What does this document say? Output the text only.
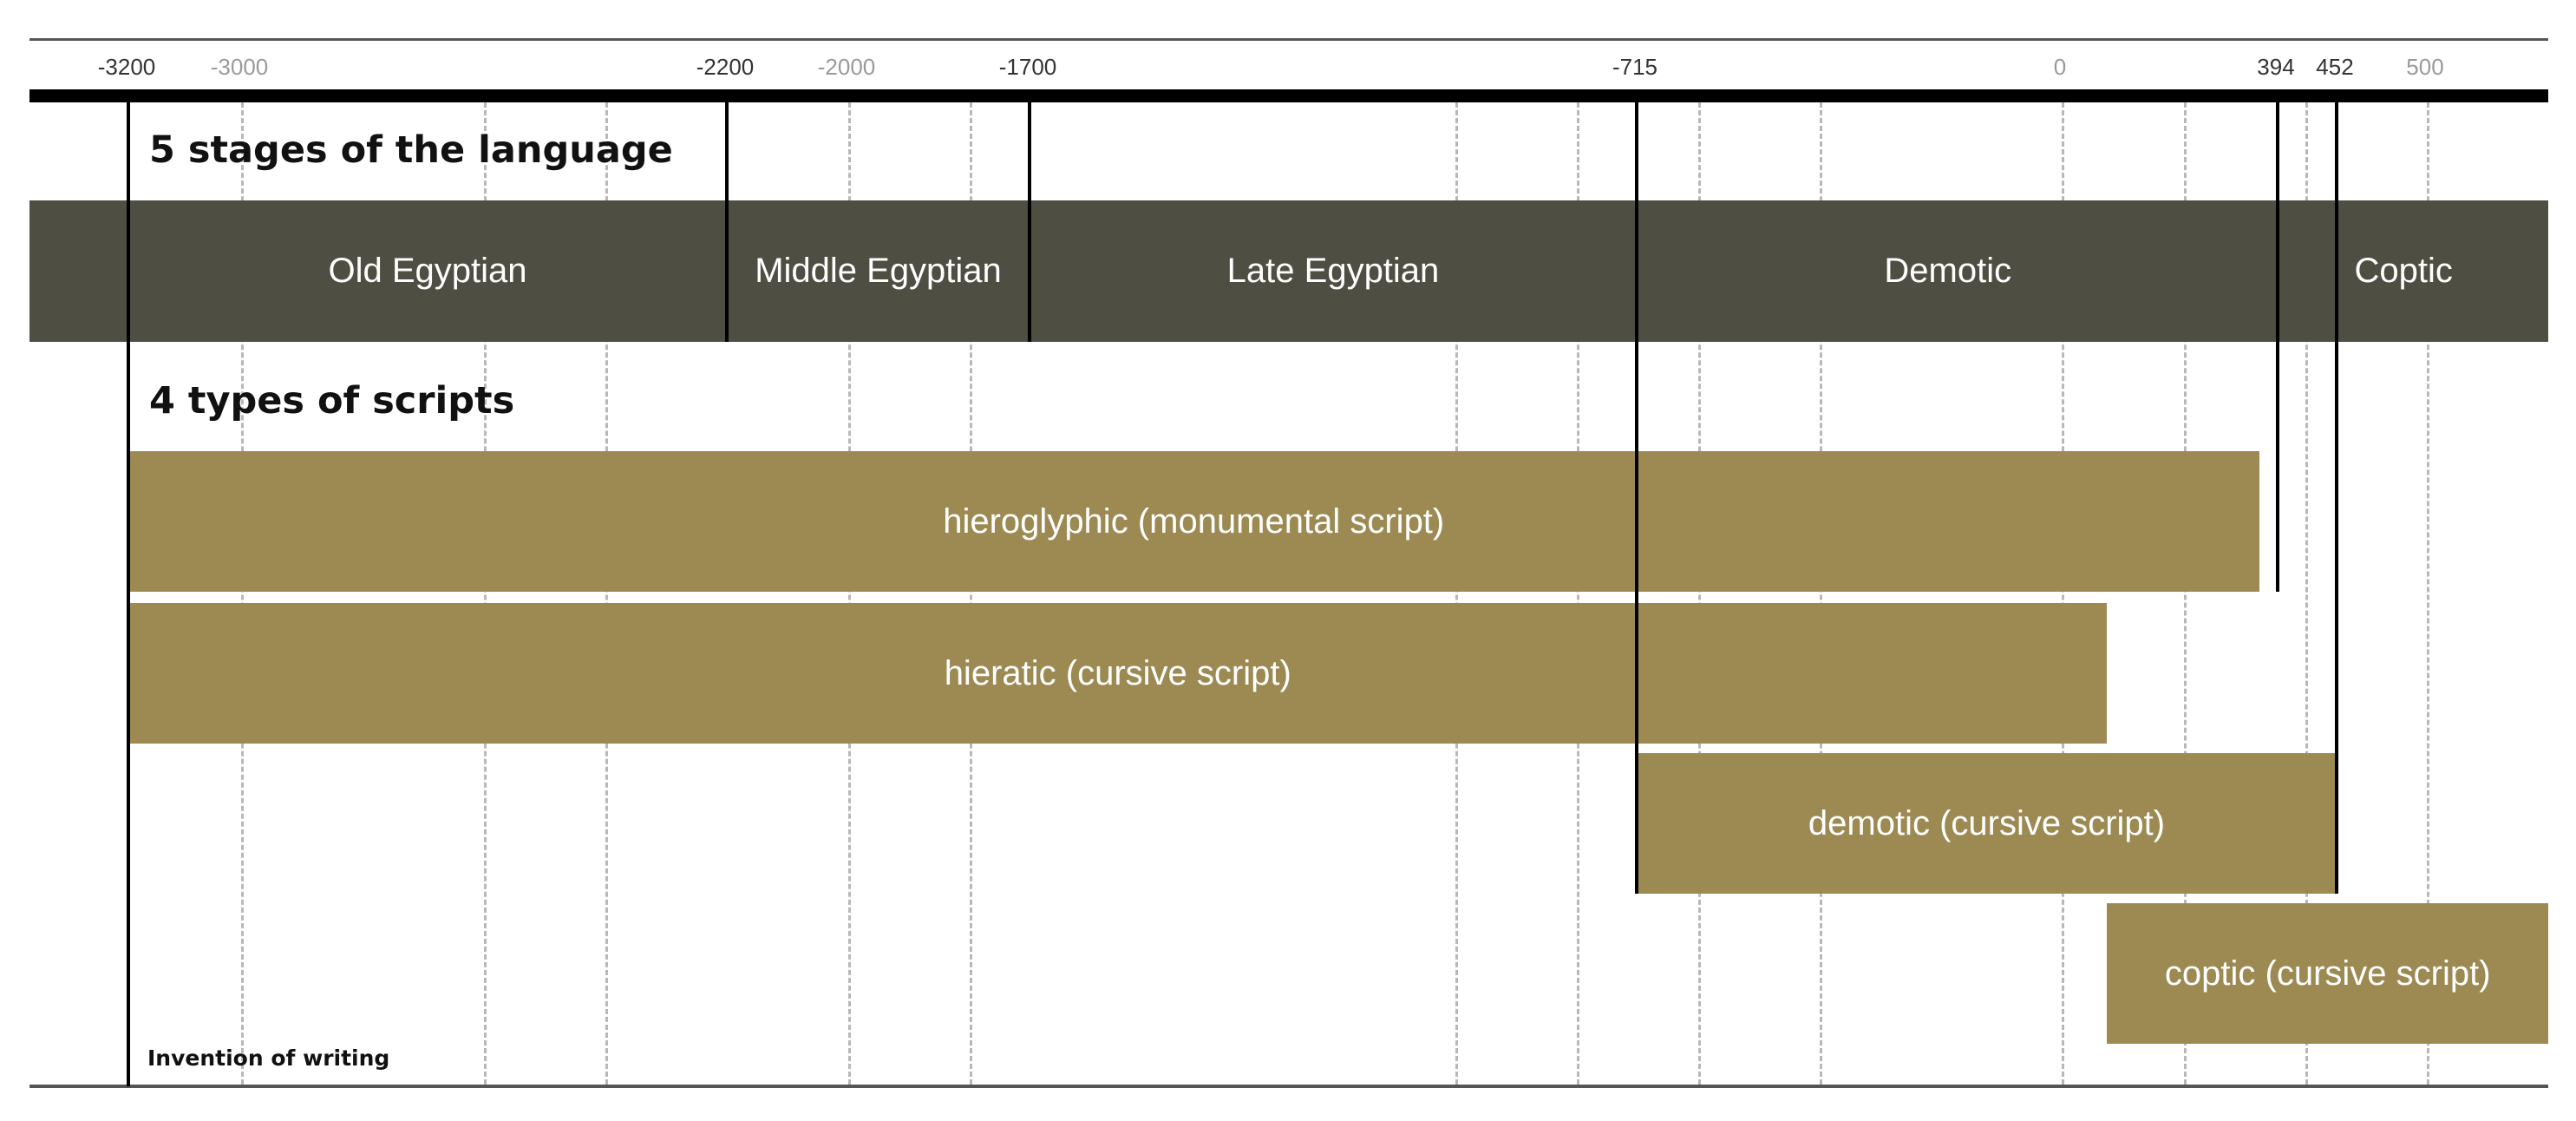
-3200 -3000	-2200	-2000	-1700	-715	0	394 452 500
Old Egyptian	Middle Egyptian	Late Egyptian	Demotic	Coptic
5 stages of the language
4 types of scripts
hieroglyphic (monumental script)
hieratic (cursive script)
demotic (cursive script)
coptic (cursive script)
Invention of writing
